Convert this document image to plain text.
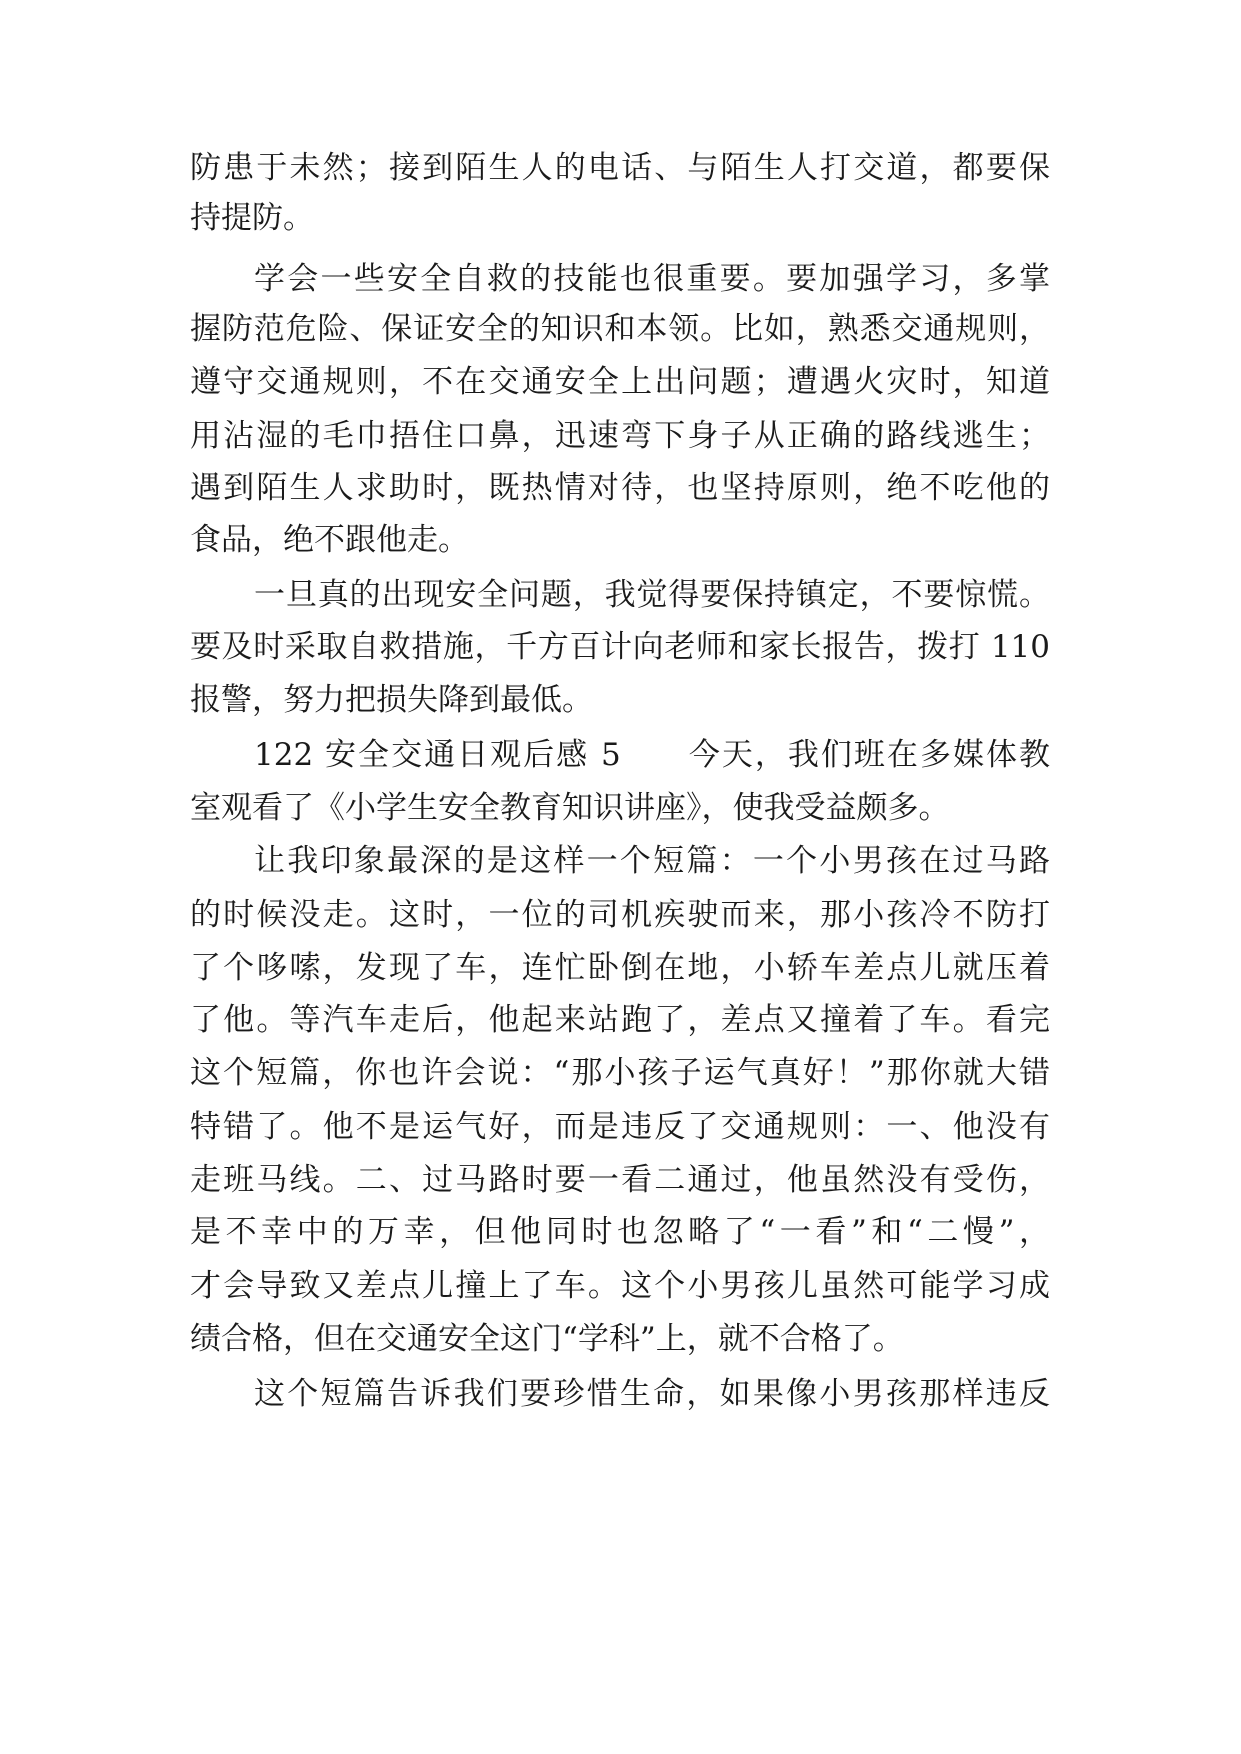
防患于未然；接到陌生人的电话、与陌生人打交道，都要保
持提防。
学会一些安全自救的技能也很重要。要加强学习，多掌
握防范危险、保证安全的知识和本领。比如，熟悉交通规则，
遵守交通规则，不在交通安全上出问题；遭遇火灾时，知道
用沾湿的毛巾捂住口鼻，迅速弯下身子从正确的路线逃生；
遇到陌生人求助时，既热情对待，也坚持原则，绝不吃他的
食品，绝不跟他走。
一旦真的出现安全问题，我觉得要保持镇定，不要惊慌。
要及时采取自救措施，千方百计向老师和家长报告，拨打 110
报警，努力把损失降到最低。
122 安全交通日观后感 5　　今天，我们班在多媒体教
室观看了《小学生安全教育知识讲座》，使我受益颇多。
让我印象最深的是这样一个短篇：一个小男孩在过马路
的时候没走。这时，一位的司机疾驶而来，那小孩冷不防打
了个哆嗦，发现了车，连忙卧倒在地，小轿车差点儿就压着
了他。等汽车走后，他起来站跑了，差点又撞着了车。看完
这个短篇，你也许会说：“那小孩子运气真好！”那你就大错
特错了。他不是运气好，而是违反了交通规则：一、他没有
走班马线。二、过马路时要一看二通过，他虽然没有受伤，
是不幸中的万幸，但他同时也忽略了“一看”和“二慢”，
才会导致又差点儿撞上了车。这个小男孩儿虽然可能学习成
绩合格，但在交通安全这门“学科”上，就不合格了。
这个短篇告诉我们要珍惜生命，如果像小男孩那样违反
